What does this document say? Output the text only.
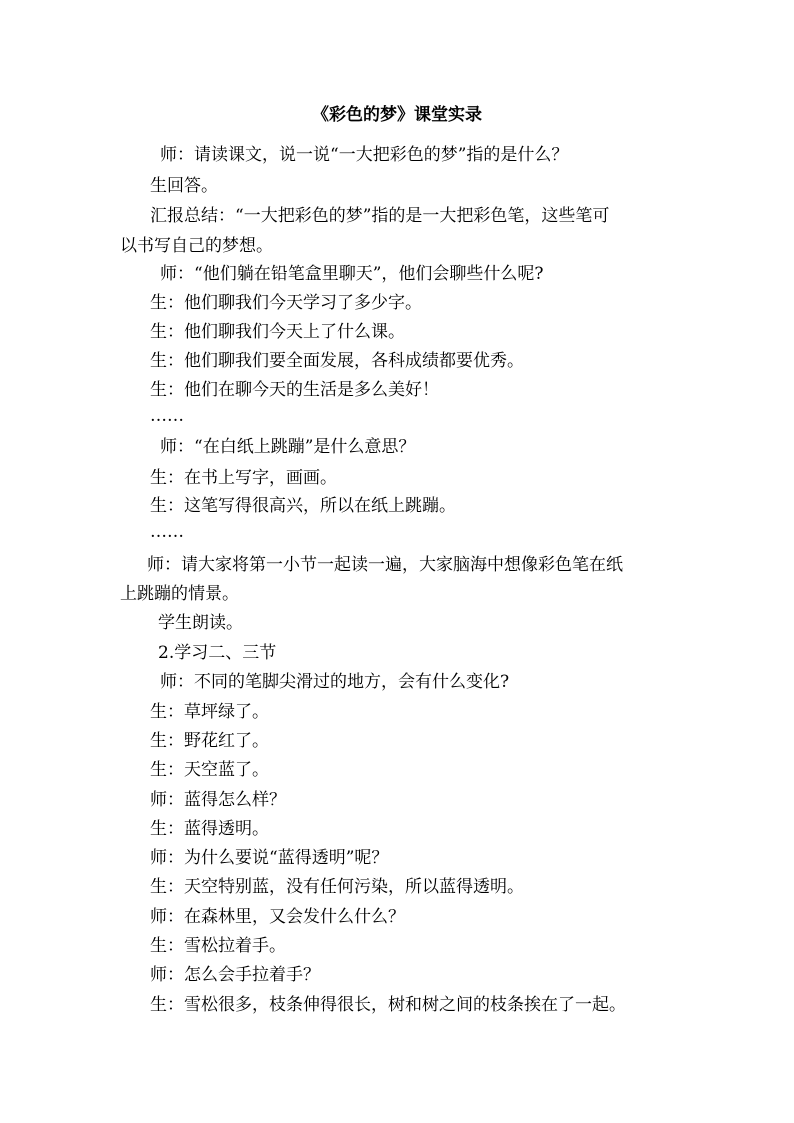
《彩色的梦》课堂实录
师：请读课文，说一说“一大把彩色的梦”指的是什么？
生回答。
汇报总结：“一大把彩色的梦”指的是一大把彩色笔，这些笔可
以书写自己的梦想。
师：“他们躺在铅笔盒里聊天”，他们会聊些什么呢?
生：他们聊我们今天学习了多少字。
生：他们聊我们今天上了什么课。
生：他们聊我们要全面发展，各科成绩都要优秀。
生：他们在聊今天的生活是多么美好！
……
师：“在白纸上跳蹦”是什么意思？
生：在书上写字，画画。
生：这笔写得很高兴，所以在纸上跳蹦。
……
师：请大家将第一小节一起读一遍，大家脑海中想像彩色笔在纸
上跳蹦的情景。
学生朗读。
2.学习二、三节
师：不同的笔脚尖滑过的地方，会有什么变化?
生：草坪绿了。
生：野花红了。
生：天空蓝了。
师：蓝得怎么样？
生：蓝得透明。
师：为什么要说“蓝得透明”呢？
生：天空特别蓝，没有任何污染，所以蓝得透明。
师：在森林里，又会发什么什么？
生：雪松拉着手。
师：怎么会手拉着手？
生：雪松很多，枝条伸得很长，树和树之间的枝条挨在了一起。
